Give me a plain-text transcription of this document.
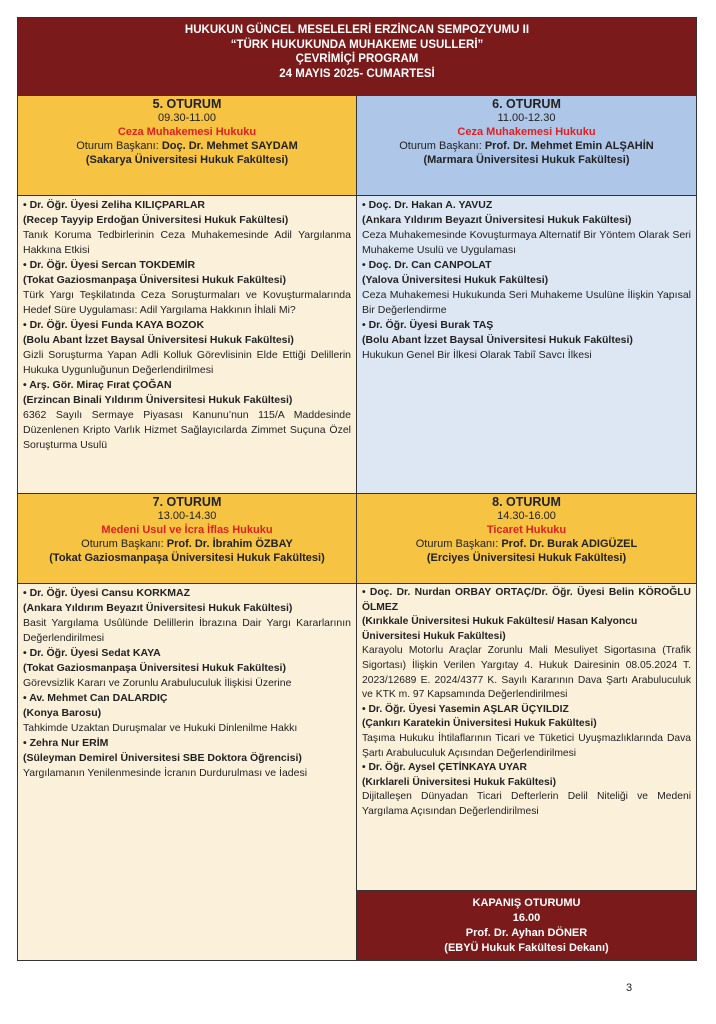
HUKUKUN GÜNCEL MESELELERİ ERZİNCAN SEMPOZYUMU II
“TÜRK HUKUKUNDA MUHAKEME USULLERİ”
ÇEVRİMİÇİ PROGRAM
24 MAYIS 2025- CUMARTESİ
5. OTURUM
09.30-11.00
Ceza Muhakemesi Hukuku
Oturum Başkanı: Doç. Dr. Mehmet SAYDAM
(Sakarya Üniversitesi Hukuk Fakültesi)
6. OTURUM
11.00-12.30
Ceza Muhakemesi Hukuku
Oturum Başkanı: Prof. Dr. Mehmet Emin ALŞAHİN
(Marmara Üniversitesi Hukuk Fakültesi)
• Dr. Öğr. Üyesi Zeliha KILIÇPARLAR
(Recep Tayyip Erdoğan Üniversitesi Hukuk Fakültesi)
Tanık Koruma Tedbirlerinin Ceza Muhakemesinde Adil Yargılanma Hakkına Etkisi
• Dr. Öğr. Üyesi Sercan TOKDEMİR
(Tokat Gaziosmanpaşa Üniversitesi Hukuk Fakültesi)
Türk Yargı Teşkilatında Ceza Soruşturmaları ve Kovuşturmalarında Hedef Süre Uygulaması: Adil Yargılama Hakkının İhlali Mi?
• Dr. Öğr. Üyesi Funda KAYA BOZOK
(Bolu Abant İzzet Baysal Üniversitesi Hukuk Fakültesi)
Gizli Soruşturma Yapan Adli Kolluk Görevlisinin Elde Ettiği Delillerin Hukuka Uygunluğunun Değerlendirilmesi
• Arş. Gör. Miraç Fırat ÇOĞAN
(Erzincan Binali Yıldırım Üniversitesi Hukuk Fakültesi)
6362 Sayılı Sermaye Piyasası Kanunu’nun 115/A Maddesinde Düzenlenen Kripto Varlık Hizmet Sağlayıcılarda Zimmet Suçuna Özel Soruşturma Usulü
• Doç. Dr. Hakan A. YAVUZ
(Ankara Yıldırım Beyazıt Üniversitesi Hukuk Fakültesi)
Ceza Muhakemesinde Kovuşturmaya Alternatif Bir Yöntem Olarak Seri Muhakeme Usulü ve Uygulaması
• Doç. Dr. Can CANPOLAT
(Yalova Üniversitesi Hukuk Fakültesi)
Ceza Muhakemesi Hukukunda Seri Muhakeme Usulüne İlişkin Yapısal Bir Değerlendirme
• Dr. Öğr. Üyesi Burak TAŞ
(Bolu Abant İzzet Baysal Üniversitesi Hukuk Fakültesi)
Hukukun Genel Bir İlkesi Olarak Tabiî Savcı İlkesi
7. OTURUM
13.00-14.30
Medeni Usul ve İcra İflas Hukuku
Oturum Başkanı: Prof. Dr. İbrahim ÖZBAY
(Tokat Gaziosmanpaşa Üniversitesi Hukuk Fakültesi)
8. OTURUM
14.30-16.00
Ticaret Hukuku
Oturum Başkanı: Prof. Dr. Burak ADIGÜZEL
(Erciyes Üniversitesi Hukuk Fakültesi)
• Dr. Öğr. Üyesi Cansu KORKMAZ
(Ankara Yıldırım Beyazıt Üniversitesi Hukuk Fakültesi)
Basit Yargılama Usûlünde Delillerin İbrazına Dair Yargı Kararlarının Değerlendirilmesi
• Dr. Öğr. Üyesi Sedat KAYA
(Tokat Gaziosmanpaşa Üniversitesi Hukuk Fakültesi)
Görevsizlik Kararı ve Zorunlu Arabuluculuk İlişkisi Üzerine
• Av. Mehmet Can DALARDIÇ
(Konya Barosu)
Tahkimde Uzaktan Duruşmalar ve Hukuki Dinlenilme Hakkı
• Zehra Nur ERİM
(Süleyman Demirel Üniversitesi SBE Doktora Öğrencisi)
Yargılamanın Yenilenmesinde İcranın Durdurulması ve İadesi
• Doç. Dr. Nurdan ORBAY ORTAÇ/Dr. Öğr. Üyesi Belin KÖROĞLU ÖLMEZ
(Kırıkkale Üniversitesi Hukuk Fakültesi/ Hasan Kalyoncu Üniversitesi Hukuk Fakültesi)
Karayolu Motorlu Araçlar Zorunlu Mali Mesuliyet Sigortasına (Trafik Sigortası) İlişkin Verilen Yargıtay 4. Hukuk Dairesinin 08.05.2024 T. 2023/12689 E. 2024/4377 K. Sayılı Kararının Dava Şartı Arabuluculuk ve KTK m. 97 Kapsamında Değerlendirilmesi
• Dr. Öğr. Üyesi Yasemin AŞLAR ÜÇYILDIZ
(Çankırı Karatekin Üniversitesi Hukuk Fakültesi)
Taşıma Hukuku İhtilaflarının Ticari ve Tüketici Uyuşmazlıklarında Dava Şartı Arabuluculuk Açısından Değerlendirilmesi
• Dr. Öğr. Aysel ÇETİNKAYA UYAR
(Kırklareli Üniversitesi Hukuk Fakültesi)
Dijitalleşen Dünyadan Ticari Defterlerin Delil Niteliği ve Medeni Yargılama Açısından Değerlendirilmesi
KAPANIŞ OTURUMU
16.00
Prof. Dr. Ayhan DÖNER
(EBYÜ Hukuk Fakültesi Dekanı)
3
